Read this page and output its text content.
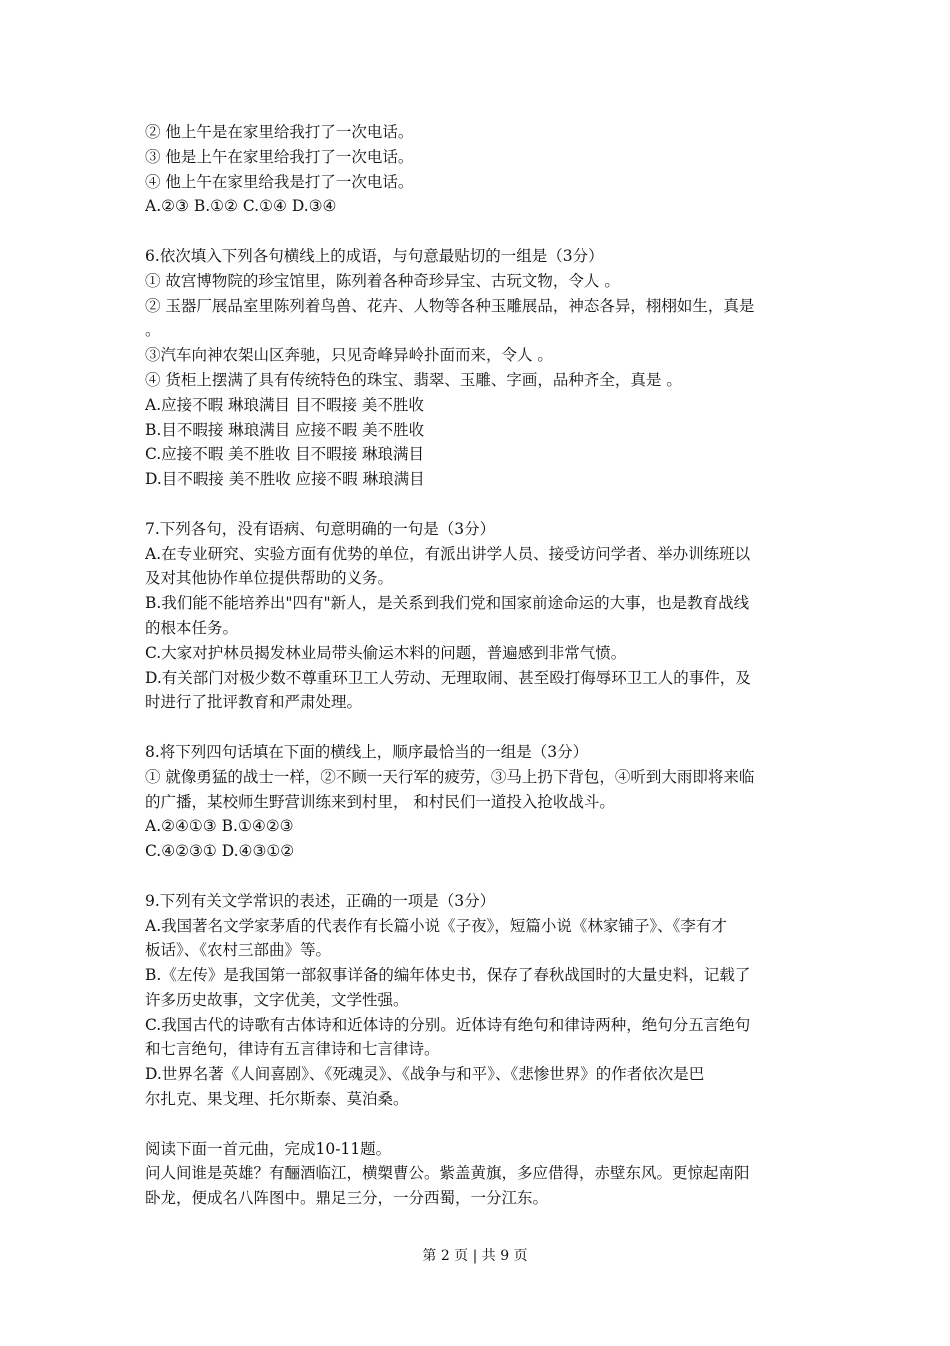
② 他上午是在家里给我打了一次电话。
③ 他是上午在家里给我打了一次电话。
④ 他上午在家里给我是打了一次电话。
A.②③ B.①② C.①④ D.③④
6.依次填入下列各句横线上的成语，与句意最贴切的一组是（3分）
① 故宫博物院的珍宝馆里，陈列着各种奇珍异宝、古玩文物，令人 。
② 玉器厂展品室里陈列着鸟兽、花卉、人物等各种玉雕展品，神态各异，栩栩如生，真是
。
③汽车向神农架山区奔驰，只见奇峰异岭扑面而来，令人 。
④ 货柜上摆满了具有传统特色的珠宝、翡翠、玉雕、字画，品种齐全，真是 。
A.应接不暇 琳琅满目 目不暇接 美不胜收
B.目不暇接 琳琅满目 应接不暇 美不胜收
C.应接不暇 美不胜收 目不暇接 琳琅满目
D.目不暇接 美不胜收 应接不暇 琳琅满目
7.下列各句，没有语病、句意明确的一句是（3分）
A.在专业研究、实验方面有优势的单位，有派出讲学人员、接受访问学者、举办训练班以
及对其他协作单位提供帮助的义务。
B.我们能不能培养出"四有"新人，是关系到我们党和国家前途命运的大事，也是教育战线
的根本任务。
C.大家对护林员揭发林业局带头偷运木料的问题，普遍感到非常气愤。
D.有关部门对极少数不尊重环卫工人劳动、无理取闹、甚至殴打侮辱环卫工人的事件，及
时进行了批评教育和严肃处理。
8.将下列四句话填在下面的横线上，顺序最恰当的一组是（3分）
① 就像勇猛的战士一样，②不顾一天行军的疲劳，③马上扔下背包，④听到大雨即将来临
的广播，某校师生野营训练来到村里， 和村民们一道投入抢收战斗。
A.②④①③ B.①④②③
C.④②③① D.④③①②
9.下列有关文学常识的表述，正确的一项是（3分）
A.我国著名文学家茅盾的代表作有长篇小说《子夜》，短篇小说《林家铺子》、《李有才
板话》、《农村三部曲》等。
B.《左传》是我国第一部叙事详备的编年体史书，保存了春秋战国时的大量史料，记载了
许多历史故事，文字优美，文学性强。
C.我国古代的诗歌有古体诗和近体诗的分别。近体诗有绝句和律诗两种，绝句分五言绝句
和七言绝句，律诗有五言律诗和七言律诗。
D.世界名著《人间喜剧》、《死魂灵》、《战争与和平》、《悲惨世界》的作者依次是巴
尔扎克、果戈理、托尔斯泰、莫泊桑。
阅读下面一首元曲，完成10-11题。
问人间谁是英雄？有酾酒临江，横槊曹公。紫盖黄旗，多应借得，赤壁东风。更惊起南阳
卧龙，便成名八阵图中。鼎足三分，一分西蜀，一分江东。
第 2 页 | 共 9 页
